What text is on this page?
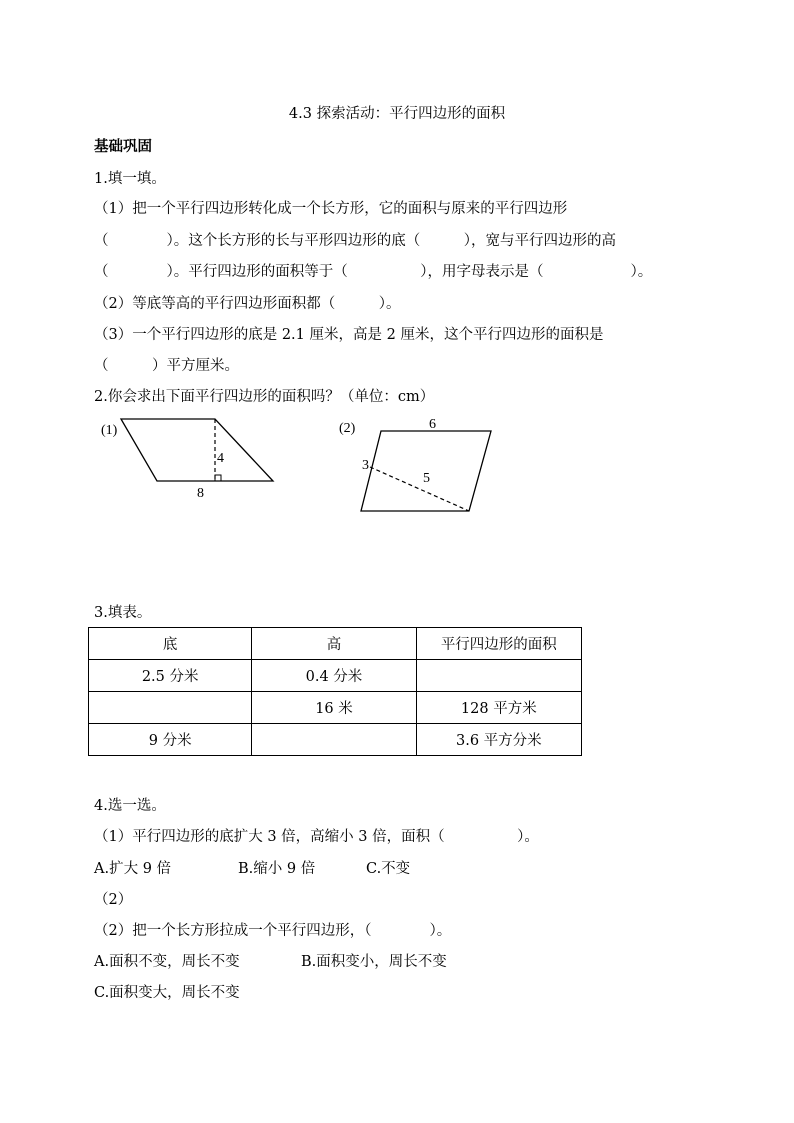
4.3 探索活动：平行四边形的面积
基础巩固
1.填一填。
（1）把一个平行四边形转化成一个长方形，它的面积与原来的平行四边形
（　　　　）。这个长方形的长与平形四边形的底（　　　），宽与平行四边形的高
（　　　　）。平行四边形的面积等于（　　　　　），用字母表示是（　　　　　　）。
（2）等底等高的平行四边形面积都（　　　）。
（3）一个平行四边形的底是 2.1 厘米，高是 2 厘米，这个平行四边形的面积是
（　　　）平方厘米。
2.你会求出下面平行四边形的面积吗？（单位：cm）
(1)
4
8
(2)	6
3
5
3.填表。
底	高	平行四边形的面积
2.5 分米	0.4 分米	
	16 米	128 平方米
9 分米		3.6 平方分米
4.选一选。
（1）平行四边形的底扩大 3 倍，高缩小 3 倍，面积（　　　　　）。
A.扩大 9 倍	B.缩小 9 倍	C.不变
（2）
（2）把一个长方形拉成一个平行四边形，（　　　　）。
A.面积不变，周长不变	B.面积变小，周长不变
C.面积变大，周长不变
